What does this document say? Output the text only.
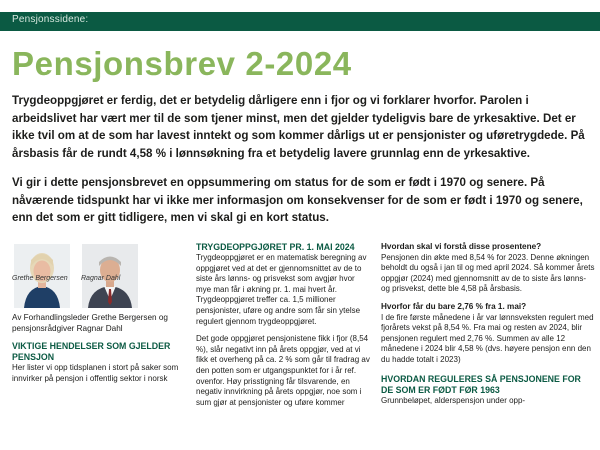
Pensjonssidene:
Pensjonsbrev 2-2024

Trygdeoppgjøret er ferdig, det er betydelig dårligere enn i fjor og vi forklarer hvorfor. Parolen i arbeidslivet har vært mer til de som tjener minst, men det gjelder tydeligvis bare de yrkesaktive. Det er ikke tvil om at de som har lavest inntekt og som kommer dårligs ut er pensjonister og uføretrygdede. På årsbasis får de rundt 4,58 % i lønnsøkning fra et betydelig lavere grunnlag enn de yrkesaktive.

Vi gir i dette pensjonsbrevet en oppsummering om status for de som er født i 1970 og senere. På nåværende tidspunkt har vi ikke mer informasjon om konsekvenser for de som er født i 1970 og senere, enn det som er gitt tidligere, men vi skal gi en kort status.

Grethe Bergersen Ragnar Dahl

Av Forhandlingsleder Grethe Bergersen og pensjonsrådgiver Ragnar Dahl

VIKTIGE HENDELSER SOM GJELDER PENSJON

Her lister vi opp tidsplanen i stort på saker som innvirker på pensjon i offentlig sektor i norsk

TRYGDEOPPGJØRET PR. 1. MAI 2024

Trygdeoppgjøret er en matematisk beregning av oppgjøret ved at det er gjennomsnittet av de to siste års lønns- og prisvekst som avgjør hvor mye man får i økning pr. 1. mai hvert år. Trygdeoppgjøret treffer ca. 1,5 millioner pensjonister, uføre og andre som får sin ytelse regulert gjennom trygdeoppgjøret.

Det gode oppgjøret pensjonistene fikk i fjor (8,54 %), slår negativt inn på årets oppgjør, ved at vi fikk et overheng på ca. 2 % som går til fradrag av den potten som er utgangspunktet for i år ref. ovenfor. Høy prisstigning får tilsvarende, en negativ innvirkning på årets oppgjør, noe som i sum gjør at pensjonister og uføre kommer

Hvordan skal vi forstå disse prosentene?

Pensjonen din økte med 8,54 % for 2023. Denne økningen beholdt du også i jan til og med april 2024. Så kommer årets oppgjør (2024) med gjennomsnitt av de to siste års lønns- og prisvekst, dette ble 4,58 på årsbasis.

Hvorfor får du bare 2,76 % fra 1. mai?

I de fire første månedene i år var lønnsveksten regulert med fjorårets vekst på 8,54 %. Fra mai og resten av 2024, blir pensjonen regulert med 2,76 %. Summen av alle 12 månedene i 2024 blir 4,58 % (dvs. høyere pensjon enn den du hadde totalt i 2023)

HVORDAN REGULERES SÅ PENSJONENE FOR DE SOM ER FØDT FØR 1963

Grunnbeløpet, alderspensjon under opp-
